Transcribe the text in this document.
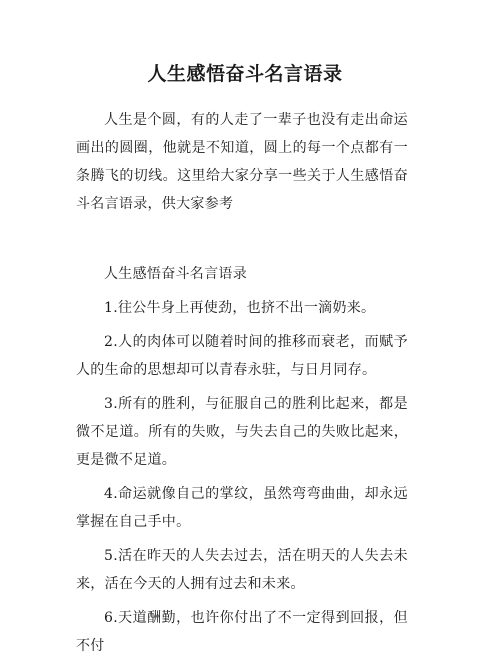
人生感悟奋斗名言语录

人生是个圆，有的人走了一辈子也没有走出命运画出的圆圈，他就是不知道，圆上的每一个点都有一条腾飞的切线。这里给大家分享一些关于人生感悟奋斗名言语录，供大家参考

人生感悟奋斗名言语录

1.往公牛身上再使劲，也挤不出一滴奶来。

2.人的肉体可以随着时间的推移而衰老，而赋予人的生命的思想却可以青春永驻，与日月同存。

3.所有的胜利，与征服自己的胜利比起来，都是微不足道。所有的失败，与失去自己的失败比起来，更是微不足道。

4.命运就像自己的掌纹，虽然弯弯曲曲，却永远掌握在自己手中。

5.活在昨天的人失去过去，活在明天的人失去未来，活在今天的人拥有过去和未来。

6.天道酬勤，也许你付出了不一定得到回报，但不付
